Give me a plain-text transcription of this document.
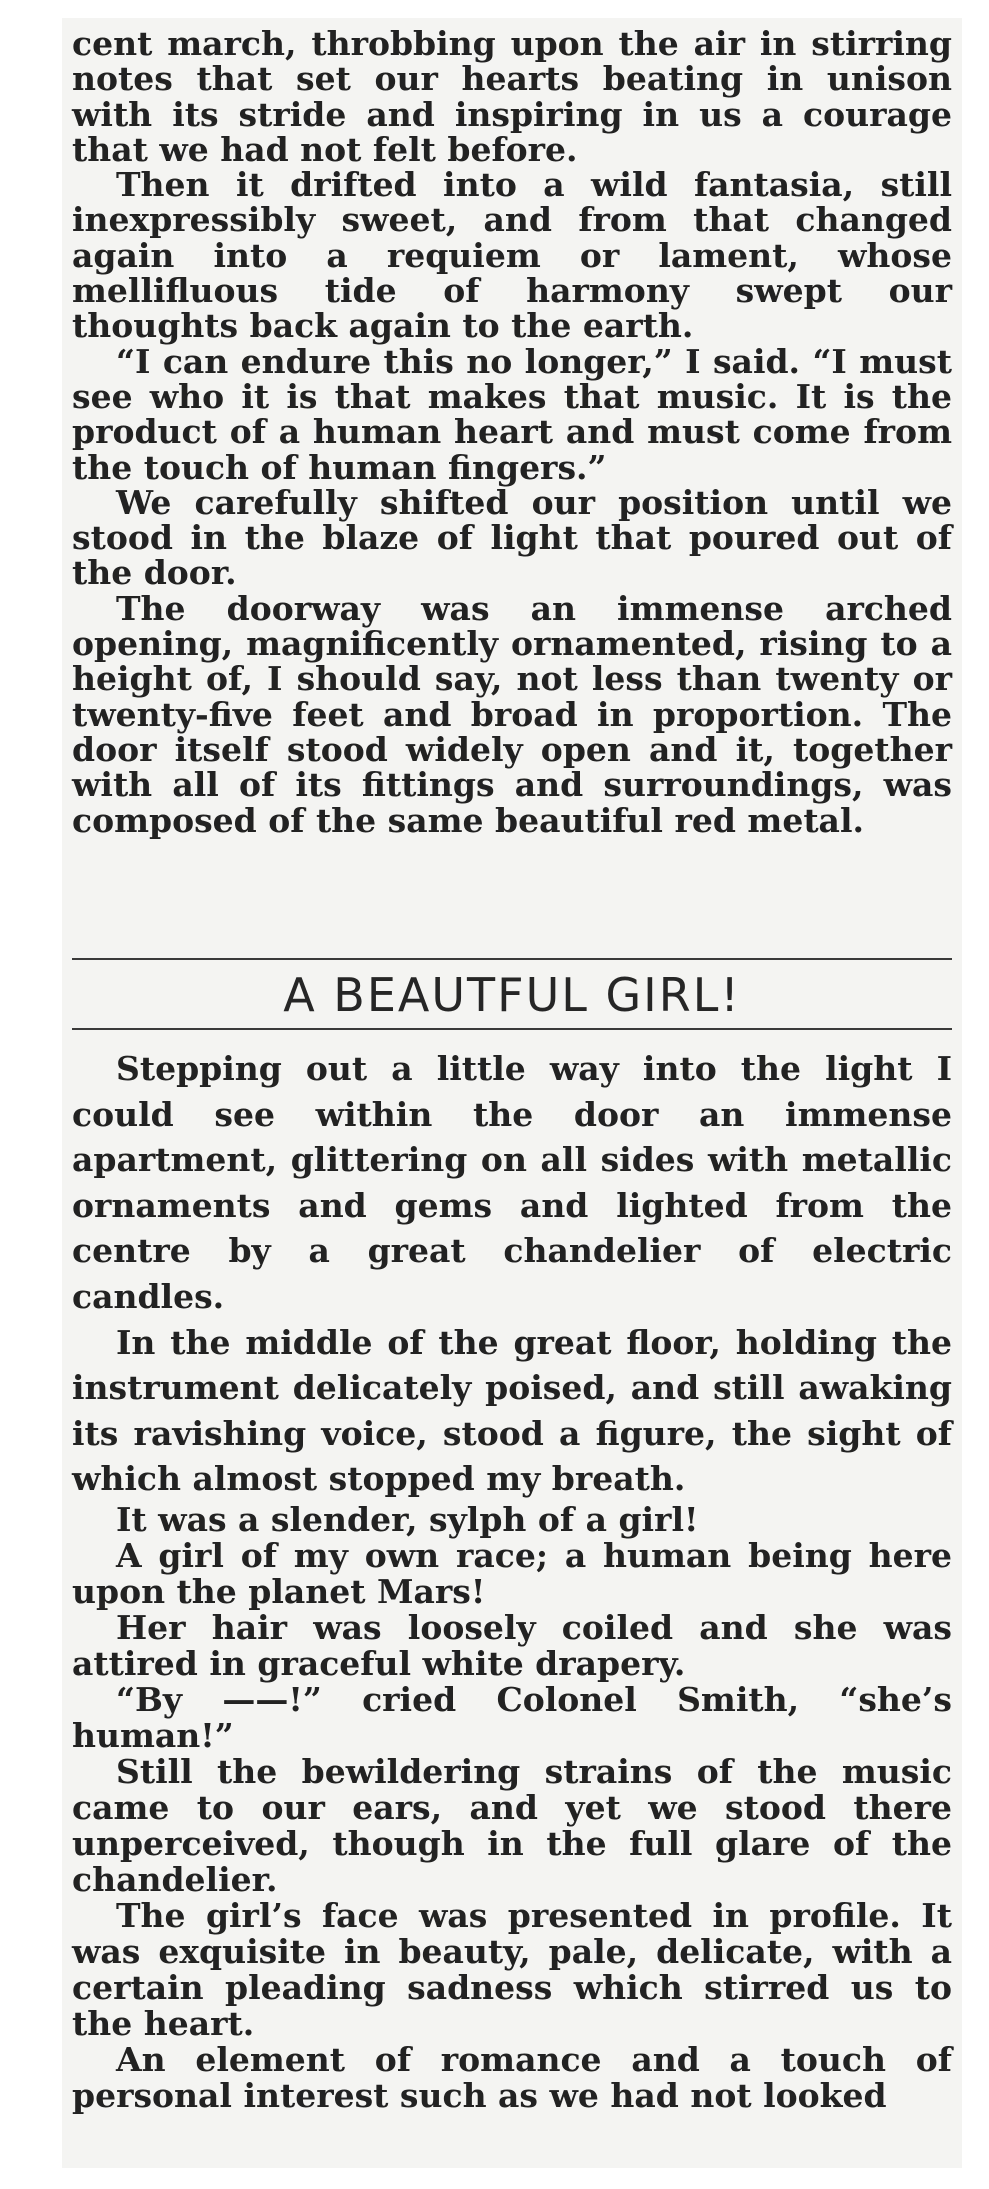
cent march, throbbing upon the air in stirring notes that set our hearts beating in unison with its stride and inspiring in us a courage that we had not felt before.

Then it drifted into a wild fantasia, still inexpressibly sweet, and from that changed again into a requiem or lament, whose mellifluous tide of harmony swept our thoughts back again to the earth.

“I can endure this no longer,” I said. “I must see who it is that makes that music. It is the product of a human heart and must come from the touch of human fingers.”

We carefully shifted our position until we stood in the blaze of light that poured out of the door.

The doorway was an immense arched opening, magnificently ornamented, rising to a height of, I should say, not less than twenty or twenty-five feet and broad in proportion. The door itself stood widely open and it, together with all of its fittings and surroundings, was composed of the same beautiful red metal.

A BEAUTFUL GIRL!

Stepping out a little way into the light I could see within the door an immense apartment, glittering on all sides with metallic ornaments and gems and lighted from the centre by a great chandelier of electric candles.

In the middle of the great floor, holding the instrument delicately poised, and still awaking its ravishing voice, stood a figure, the sight of which almost stopped my breath.

It was a slender, sylph of a girl!

A girl of my own race; a human being here upon the planet Mars!

Her hair was loosely coiled and she was attired in graceful white drapery.

“By ——!” cried Colonel Smith, “she’s human!”

Still the bewildering strains of the music came to our ears, and yet we stood there unperceived, though in the full glare of the chandelier.

The girl’s face was presented in profile. It was exquisite in beauty, pale, delicate, with a certain pleading sadness which stirred us to the heart.

An element of romance and a touch of personal interest such as we had not looked
